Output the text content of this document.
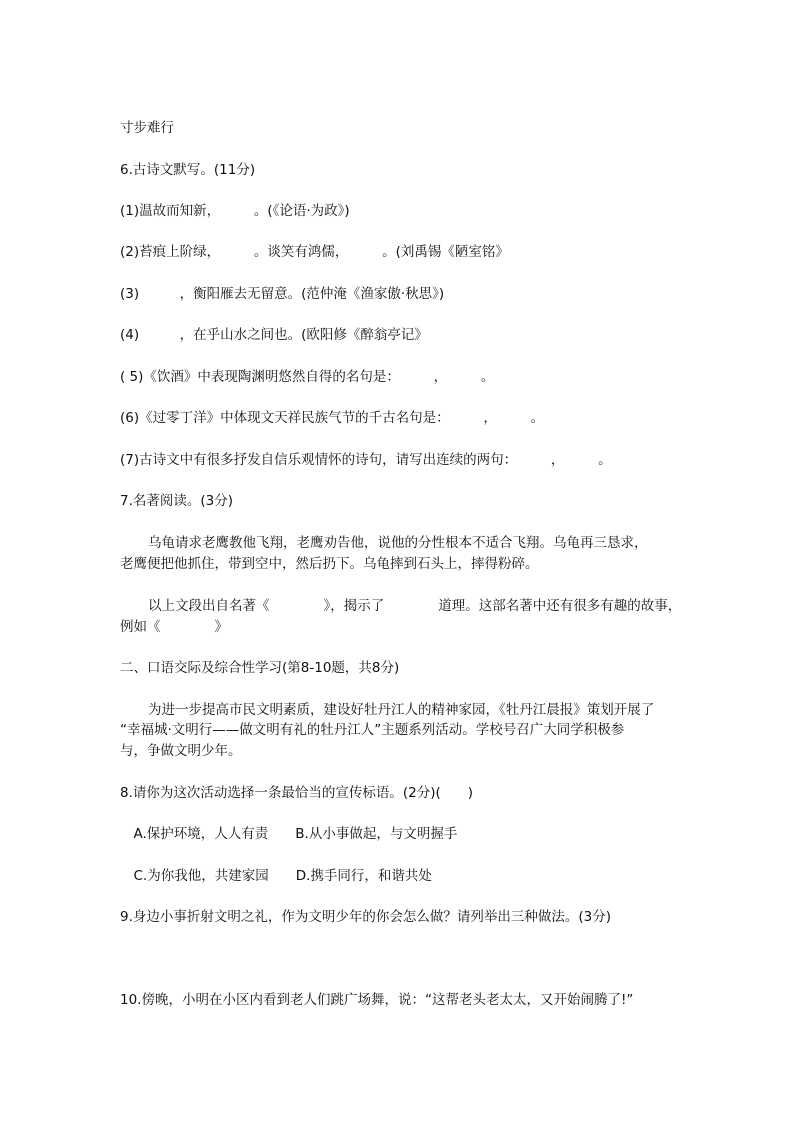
寸步难行
6.古诗文默写。(11分)
(1)温故而知新，　　　。(《论语·为政》)
(2)苔痕上阶绿，　　　。谈笑有鸿儒，　　　。(刘禹锡《陋室铭》
(3)　　　，衡阳雁去无留意。(范仲淹《渔家傲·秋思》)
(4)　　　，在乎山水之间也。(欧阳修《醉翁亭记》
( 5)《饮酒》中表现陶渊明悠然自得的名句是：　　　，　　　。
(6)《过零丁洋》中体现文天祥民族气节的千古名句是：　　　，　　　。
(7)古诗文中有很多抒发自信乐观情怀的诗句，请写出连续的两句：　　　，　　　。
7.名著阅读。(3分)
乌龟请求老鹰教他飞翔，老鹰劝告他，说他的分性根本不适合飞翔。乌龟再三恳求，
老鹰便把他抓住，带到空中，然后扔下。乌龟摔到石头上，摔得粉碎。
以上文段出自名著《　　　　》，揭示了　　　　道理。这部名著中还有很多有趣的故事，
例如《　　　　》
二、口语交际及综合性学习(第8-10题，共8分)
为进一步提高市民文明素质，建设好牡丹江人的精神家园，《牡丹江晨报》策划开展了
“幸福城·文明行——做文明有礼的牡丹江人”主题系列活动。学校号召广大同学积极参
与，争做文明少年。
8.请你为这次活动选择一条最恰当的宣传标语。(2分)(　　)
　A.保护环境，人人有责　　B.从小事做起，与文明握手
　C.为你我他，共建家园　　D.携手同行，和谐共处
9.身边小事折射文明之礼，作为文明少年的你会怎么做？请列举出三种做法。(3分)
10.傍晚，小明在小区内看到老人们跳广场舞，说：“这帮老头老太太，又开始闹腾了!”
